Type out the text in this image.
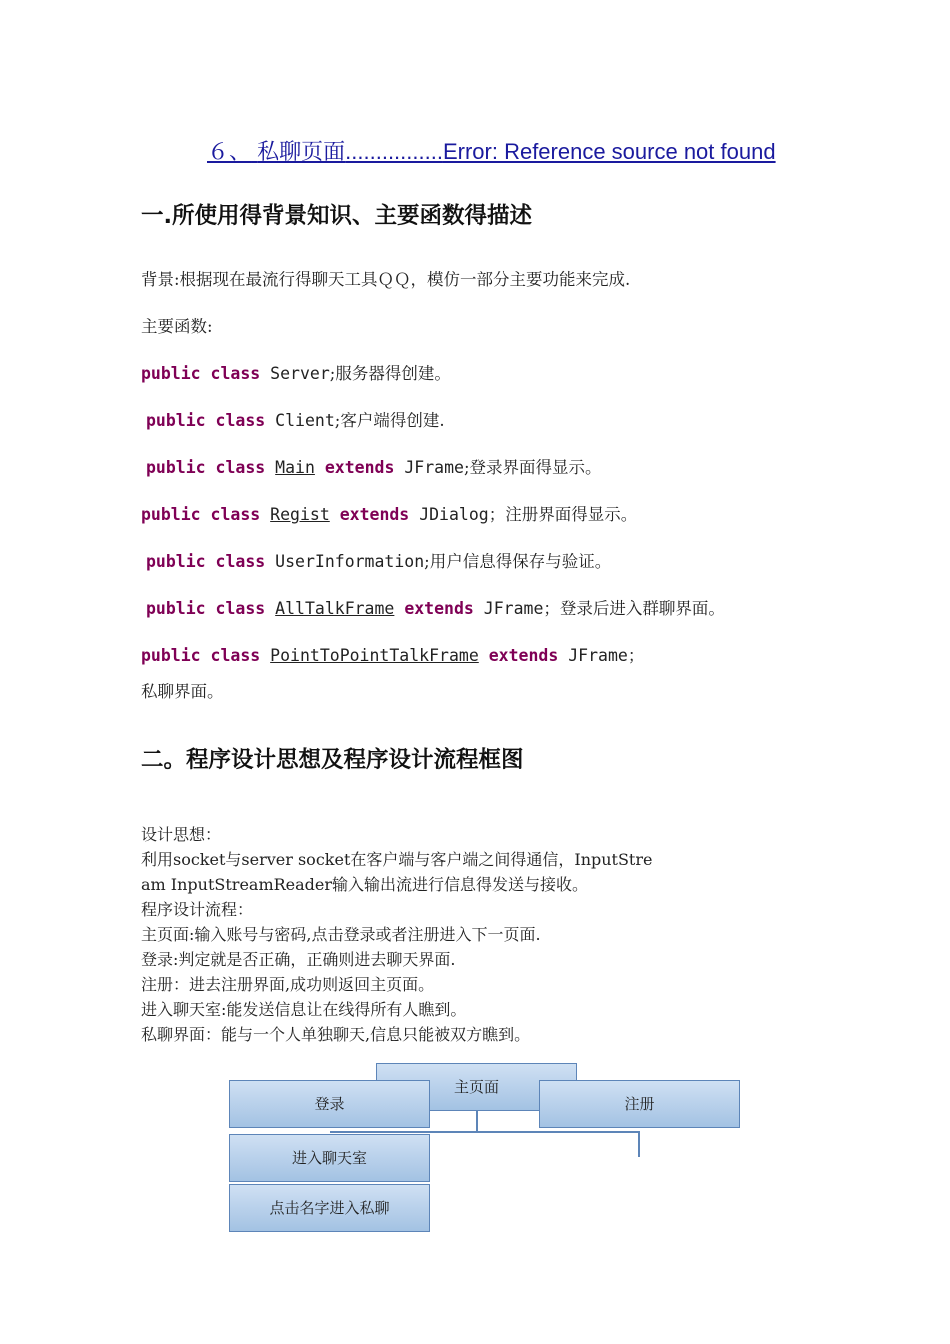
６、 私聊页面................Error: Reference source not found
一.所使用得背景知识、主要函数得描述
背景:根据现在最流行得聊天工具ＱＱ，模仿一部分主要功能来完成.
主要函数:
public class Server;服务器得创建。
public class Client;客户端得创建.
public class Main extends JFrame;登录界面得显示。
public class Regist extends JDialog；注册界面得显示。
public class UserInformation;用户信息得保存与验证。
public class AllTalkFrame extends JFrame；登录后进入群聊界面。
public class PointToPointTalkFrame extends JFrame；
私聊界面。
二。程序设计思想及程序设计流程框图
设计思想：
利用socket与server socket在客户端与客户端之间得通信，InputStre
am InputStreamReader输入输出流进行信息得发送与接收。
程序设计流程：
主页面:输入账号与密码,点击登录或者注册进入下一页面.
登录:判定就是否正确，正确则进去聊天界面.
注册：进去注册界面,成功则返回主页面。
进入聊天室:能发送信息让在线得所有人瞧到。
私聊界面：能与一个人单独聊天,信息只能被双方瞧到。
主页面
登录	注册
进入聊天室
点击名字进入私聊
